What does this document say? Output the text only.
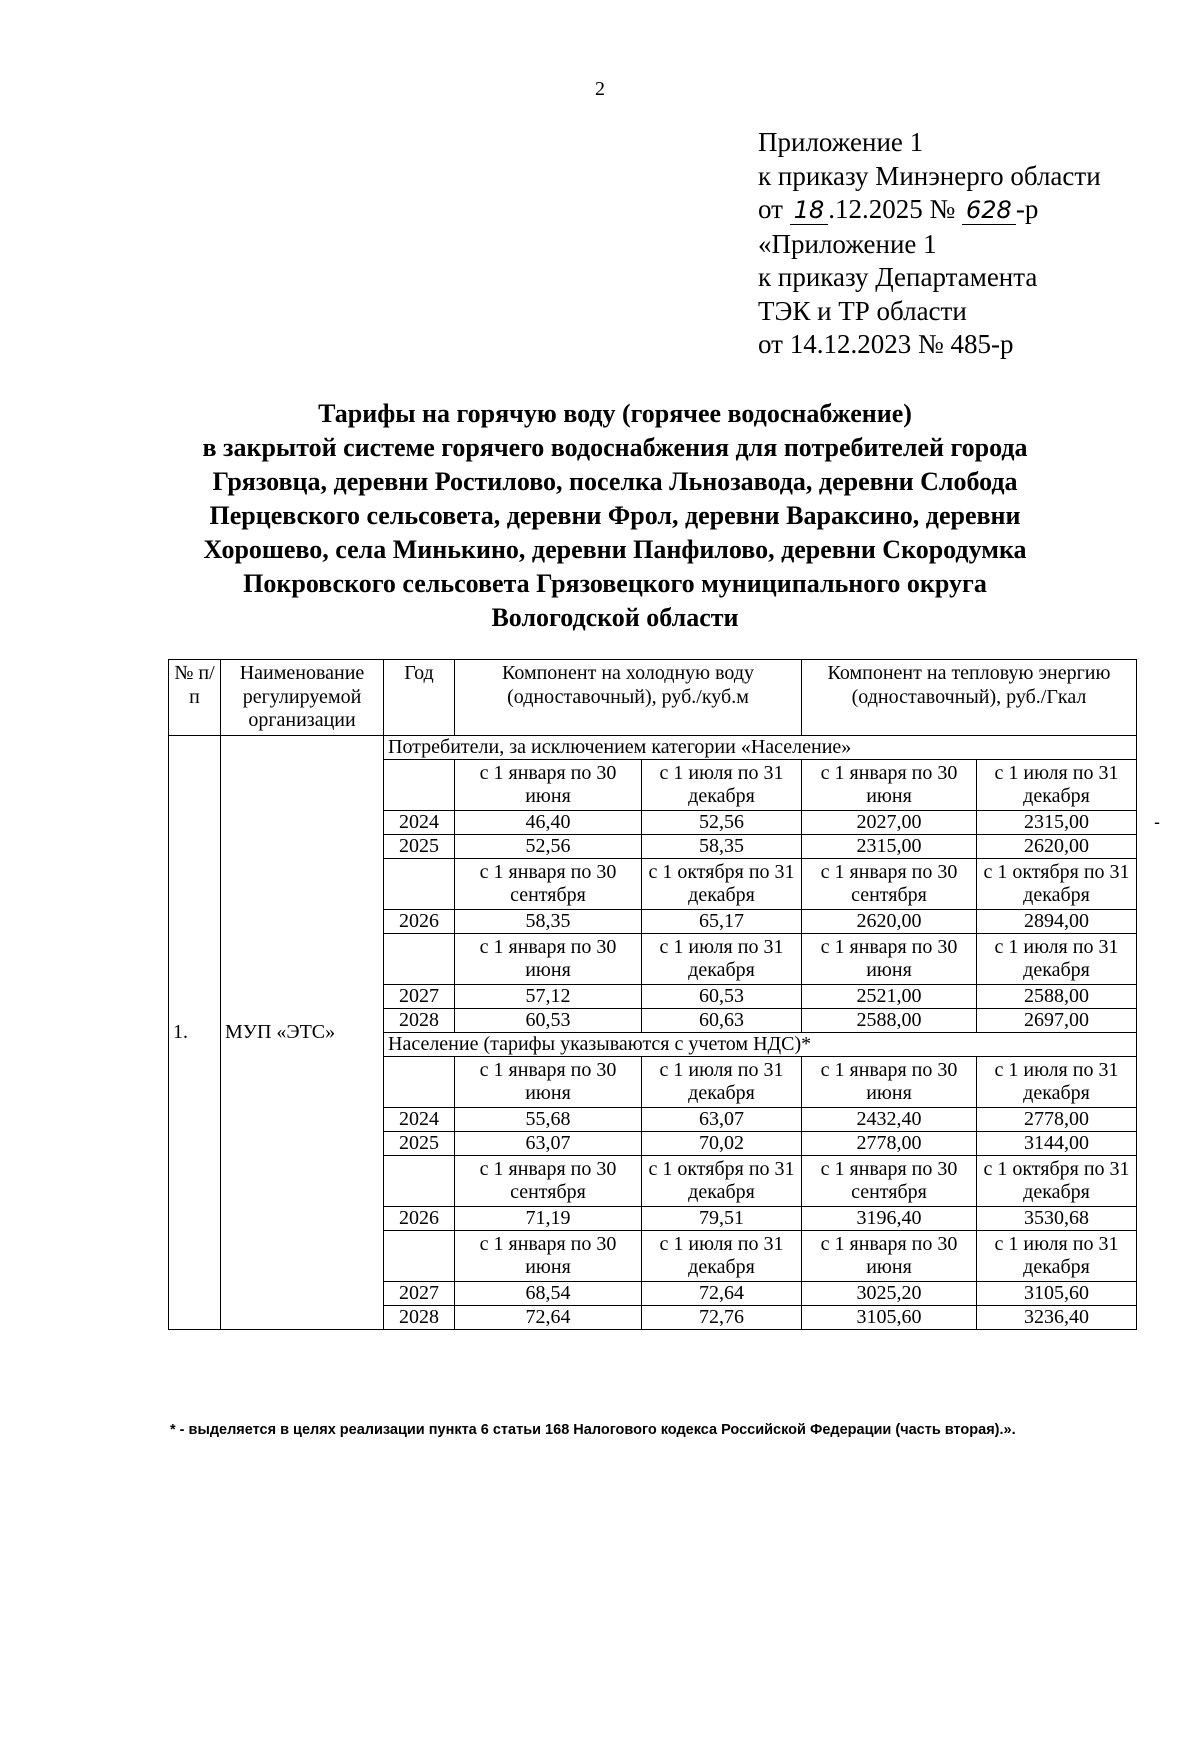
2
Приложение 1
к приказу Минэнерго области
от 18 .12.2025 № 628 -р
«Приложение 1
к приказу Департамента
ТЭК и ТР области
от 14.12.2023 № 485-р
Тарифы на горячую воду (горячее водоснабжение)
в закрытой системе горячего водоснабжения для потребителей города
Грязовца, деревни Ростилово, поселка Льнозавода, деревни Слобода
Перцевского сельсовета, деревни Фрол, деревни Вараксино, деревни
Хорошево, села Минькино, деревни Панфилово, деревни Скородумка
Покровского сельсовета Грязовецкого муниципального округа
Вологодской области
№ п/п	Наименование регулируемой организации	Год	Компонент на холодную воду (одноставочный), руб./куб.м		Компонент на тепловую энергию (одноставочный), руб./Гкал	
1.	МУП «ЭТС»	Потребители, за исключением категории «Население»				
			с 1 января по 30 июня	с 1 июля по 31 декабря	с 1 января по 30 июня	с 1 июля по 31 декабря
		2024	46,40	52,56	2027,00	2315,00
		2025	52,56	58,35	2315,00	2620,00
			с 1 января по 30 сентября	с 1 октября по 31 декабря	с 1 января по 30 сентября	с 1 октября по 31 декабря
		2026	58,35	65,17	2620,00	2894,00
			с 1 января по 30 июня	с 1 июля по 31 декабря	с 1 января по 30 июня	с 1 июля по 31 декабря
		2027	57,12	60,53	2521,00	2588,00
		2028	60,53	60,63	2588,00	2697,00
		Население (тарифы указываются с учетом НДС)*				
			с 1 января по 30 июня	с 1 июля по 31 декабря	с 1 января по 30 июня	с 1 июля по 31 декабря
		2024	55,68	63,07	2432,40	2778,00
		2025	63,07	70,02	2778,00	3144,00
			с 1 января по 30 сентября	с 1 октября по 31 декабря	с 1 января по 30 сентября	с 1 октября по 31 декабря
		2026	71,19	79,51	3196,40	3530,68
			с 1 января по 30 июня	с 1 июля по 31 декабря	с 1 января по 30 июня	с 1 июля по 31 декабря
		2027	68,54	72,64	3025,20	3105,60
		2028	72,64	72,76	3105,60	3236,40
-
* - выделяется в целях реализации пункта 6 статьи 168 Налогового кодекса Российской Федерации (часть вторая).».
